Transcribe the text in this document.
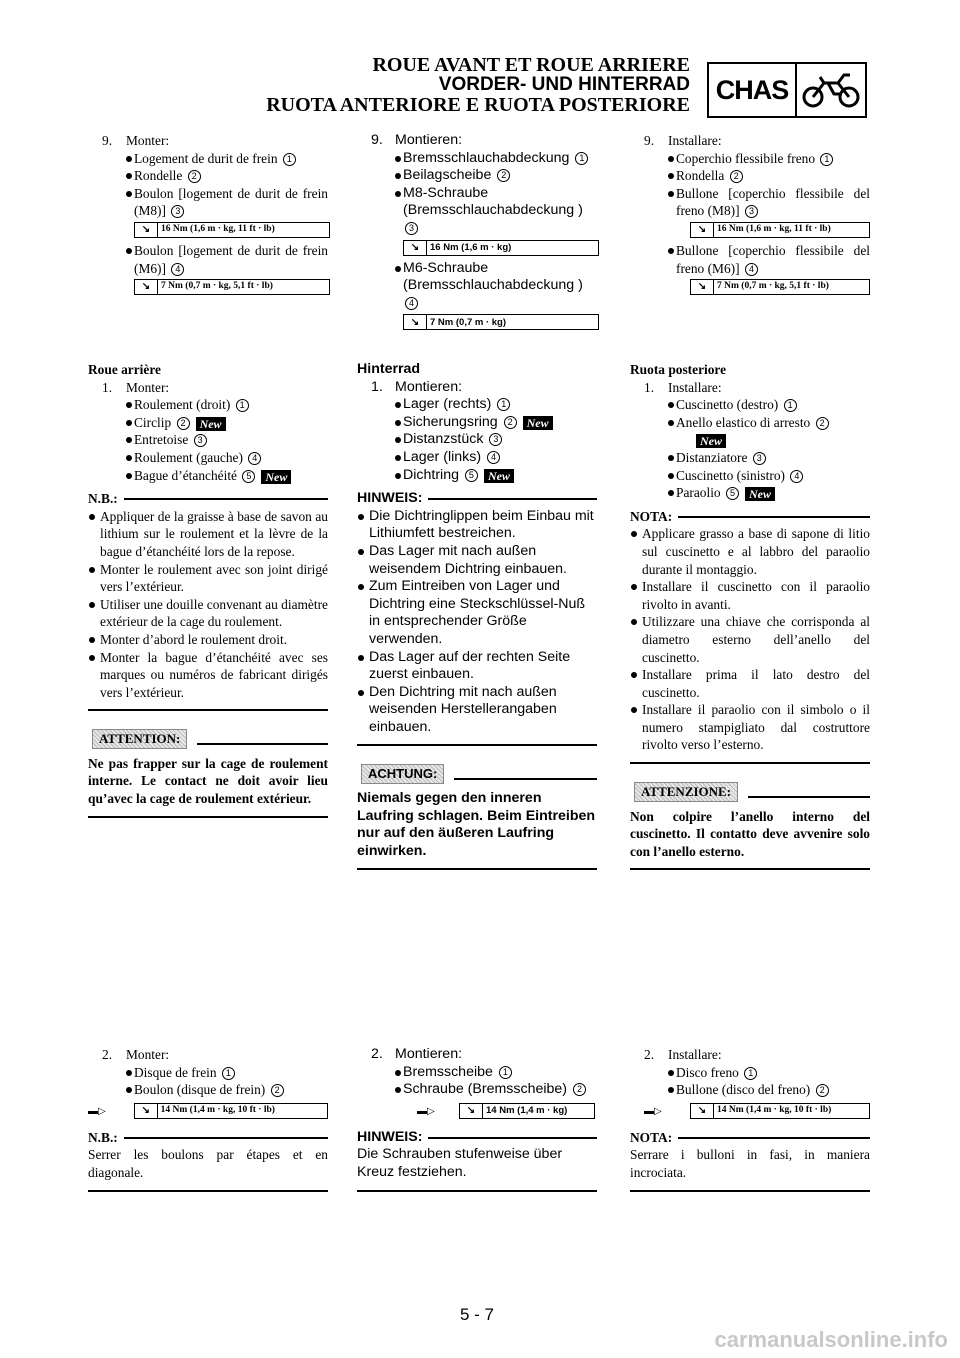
ROUE AVANT ET ROUE ARRIERE
VORDER- UND HINTERRAD
RUOTA ANTERIORE E RUOTA POSTERIORE
CHAS
9. Monter:
Logement de durit de frein 1
Rondelle 2
Boulon [logement de durit de frein (M8)] 3
↘	16 Nm (1,6 m · kg, 11 ft · lb)
Boulon [logement de durit de frein (M6)] 4
↘	7 Nm (0,7 m · kg, 5,1 ft · lb)
Roue arrière
1. Monter:
Roulement (droit) 1
Circlip 2 New
Entretoise 3
Roulement (gauche) 4
Bague d’étanchéité 5 New
N.B.:
Appliquer de la graisse à base de savon au lithium sur le roulement et la lèvre de la bague d’étanchéité lors de la repose.
Monter le roulement avec son joint dirigé vers l’extérieur.
Utiliser une douille convenant au diamètre extérieur de la cage du roulement.
Monter d’abord le roulement droit.
Monter la bague d’étanchéité avec ses marques ou numéros de fabricant dirigés vers l’extérieur.
ATTENTION:
Ne pas frapper sur la cage de roulement interne. Le contact ne doit avoir lieu qu’avec la cage de roulement extérieur.
2. Monter:
Disque de frein 1
Boulon (disque de frein) 2
▬▷	↘	14 Nm (1,4 m · kg, 10 ft · lb)
N.B.:
Serrer les boulons par étapes et en diagonale.
9. Montieren:
Bremsschlauchabdeckung 1
Beilagscheibe 2
M8-Schraube (Bremsschlauchabdeckung ) 3
↘	16 Nm (1,6 m · kg)
M6-Schraube (Bremsschlauchabdeckung ) 4
↘	7 Nm (0,7 m · kg)
Hinterrad
1. Montieren:
Lager (rechts) 1
Sicherungsring 2 New
Distanzstück 3
Lager (links) 4
Dichtring 5 New
HINWEIS:
Die Dichtringlippen beim Einbau mit Lithiumfett bestreichen.
Das Lager mit nach außen weisendem Dichtring einbauen.
Zum Eintreiben von Lager und Dichtring eine Steckschlüssel-Nuß in entsprechender Größe verwenden.
Das Lager auf der rechten Seite zuerst einbauen.
Den Dichtring mit nach außen weisenden Herstellerangaben einbauen.
ACHTUNG:
Niemals gegen den inneren Laufring schlagen. Beim Eintreiben nur auf den äußeren Laufring einwirken.
2. Montieren:
Bremsscheibe 1
Schraube (Bremsscheibe) 2
▬▷	↘	14 Nm (1,4 m · kg)
HINWEIS:
Die Schrauben stufenweise über Kreuz festziehen.
9. Installare:
Coperchio flessibile freno 1
Rondella 2
Bullone [coperchio flessibile del freno (M8)] 3
↘	16 Nm (1,6 m · kg, 11 ft · lb)
Bullone [coperchio flessibile del freno (M6)] 4
↘	7 Nm (0,7 m · kg, 5,1 ft · lb)
Ruota posteriore
1. Installare:
Cuscinetto (destro) 1
Anello elastico di arresto 2
New
Distanziatore 3
Cuscinetto (sinistro) 4
Paraolio 5 New
NOTA:
Applicare grasso a base di sapone di litio sul cuscinetto e al labbro del paraolio durante il montaggio.
Installare il cuscinetto con il paraolio rivolto in avanti.
Utilizzare una chiave che corrisponda al diametro esterno dell’anello del cuscinetto.
Installare prima il lato destro del cuscinetto.
Installare il paraolio con il simbolo o il numero stampigliato dal costruttore rivolto verso l’esterno.
ATTENZIONE:
Non colpire l’anello interno del cuscinetto. Il contatto deve avvenire solo con l’anello esterno.
2. Installare:
Disco freno 1
Bullone (disco del freno) 2
▬▷	↘	14 Nm (1,4 m · kg, 10 ft · lb)
NOTA:
Serrare i bulloni in fasi, in maniera incrociata.
5 - 7
carmanualsonline.info
